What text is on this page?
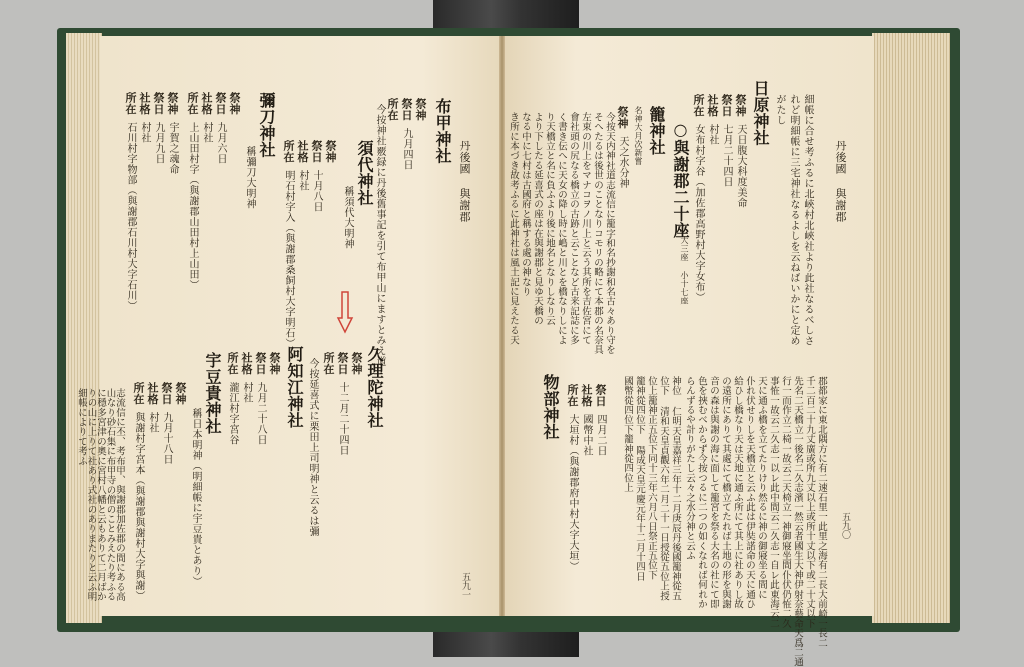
丹後國 與謝郡
布甲神社
祭神
祭日
九月四日
所在
今按神社覈録に丹後舊事記を引て布甲山にますとみえ道
須代神社
稱須代大明神
祭神
祭日
十月八日
社格
村社
所在
明石村字入（與謝郡桑飼村大字明石）
彌刀神社
稱彌刀大明神
祭神
祭日
九月六日
社格
村社
所在
上山田村字（與謝郡山田村上山田）
祭神
宇賀之魂命
祭日
九月九日
社格
村社
所在
石川村字物部（與謝郡石川村大字石川）
久理陀神社
祭神
祭日
十二月二十四日
所在
今按延喜式に栗田上司明神と云るは彌
阿知江神社
祭神
祭日
九月二十八日
社格
村社
所在
瀧江村字宮谷
宇豆貴神社
稱日本明神（明細帳に宇豆貴とあり）
祭神
祭日
九月十八日
社格
村社
所在
與謝村字宮本（與謝郡與謝村大字與謝）
志流信に丕、考布甲、與謝郡加佐郡の間にある高山なり砂石集に布甲寺の僧のことみえたり考ふるに穩多宮津の奧に宮村八幡と云もありて二月ばかりの山に上りて社あり式社のありまたりと云ふ明細帳によりて考ふ
五九一
丹後國 與謝郡
細帳に合せ考ふるに北峽村北峽社より此社なるべしさ
れど明細帳に三宅神社なるよしを云ねばいかにと定め
がたし
日原神社
祭神
天日腹大科度美命
祭日
七月二十四日
社格
村社
所在
女布村字谷（加佐郡高野村大字女布）
○與謝郡二十座
大三座 小十七座
籠神社
名神大月次新嘗
祭神
天之水分神
今按天内神社道志流信に籠字和名抄謝和名古々あり守を
そへたるは後世のことなりコモリの略にて本郡の名奈具
左束の川上をマナコヲノ川上と云う其所を吉佐宮にて
會社頭の尻なる橋立の古跡と云ことなど古来記誌に多
く書き伝へに天女の降し時に嶋と川とを橋なりしによ
り天橋立と名に負ふより後に地名となりしなり云
より下したる延喜式の座は在與謝郡と見ゆ天橋の
なる中に七村は古國府と稱する處の神なり
き所に本づき故考ふるに此神社は風土記に見えたる天
郡都家に東北隅方に有二速石里一此里之海有二長大前崎一長二
千二百二十九丈廣或所九丈以上或所十丈以下或二十丈以下
先名二天橋立一後名二久志濱一然云者國生大神伊射奈藝命天爲二通
行一而作立二椅一故云二天椅立一神御寢坐間仆伏仍恠二久
事恠一故云二久志一以レ此中間云二久志一自レ此東海云二
天に通ふ橋を立てたりけり然るに神の御寢坐る間に
仆れ伏せりしを天橋立と云ふ此は伊奘諾命の天に通ひ
給ひし橋なり天は天地に通ふ所にて其上に社ありし故
の遠所にありて其處にて橋立てたれば土地の形を與謝
音の森は與謝の海に面して籠宮を祭る大名の社にて即
色を挾むべからず今按つるに二つの如くなれば何れか
らんずるや計りがたし云々之水分神と云ふ
神位 仁明天皇嘉祥三年十二月庚辰丹後國籠神從五
位下 清和天皇貞觀六年二月二十一日授從五位上授
位上籠神正五位下同十三年六月八日祭正五位下
籠神從四位下 陽成天皇元慶元年十二月十四日
國幣從四位下籠神從四位上
祭日
四月二日
社格
國幣中社
所在
大垣村（與謝郡府中村大字大垣）
物部神社
五九〇
